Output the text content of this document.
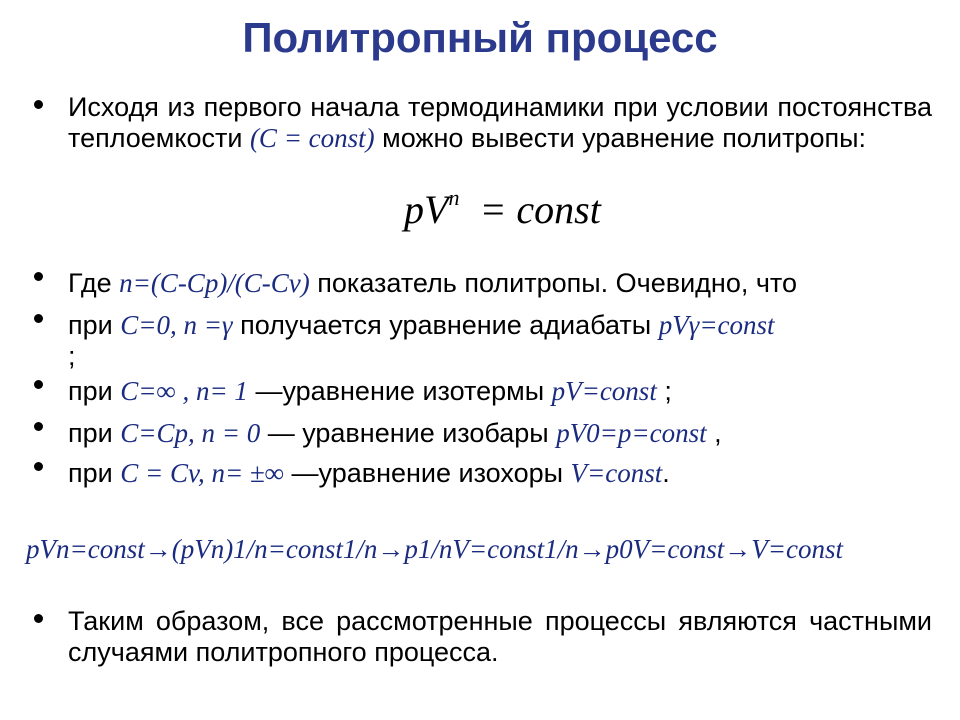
Политропный процесс
Исходя из первого начала термодинамики при условии постоянства теплоемкости (C = const) можно вывести уравнение политропы:
$pV^n$ = const
Где n=(C-Cp)/(C-Cv) показатель политропы. Очевидно, что
при C=0, n =γ получается уравнение адиабаты pVγ=const
;
при C=∞ , n= 1 —уравнение изотермы pV=const ;
при C=Cp, n = 0 — уравнение изобары pV0=p=const ,
при C = Cv, n= ±∞ —уравнение изохоры V=const.
pVn=const→(pVn)1/n=const1/n→p1/nV=const1/n→p0V=const→V=const
Таким образом, все рассмотренные процессы являются частными случаями политропного процесса.
